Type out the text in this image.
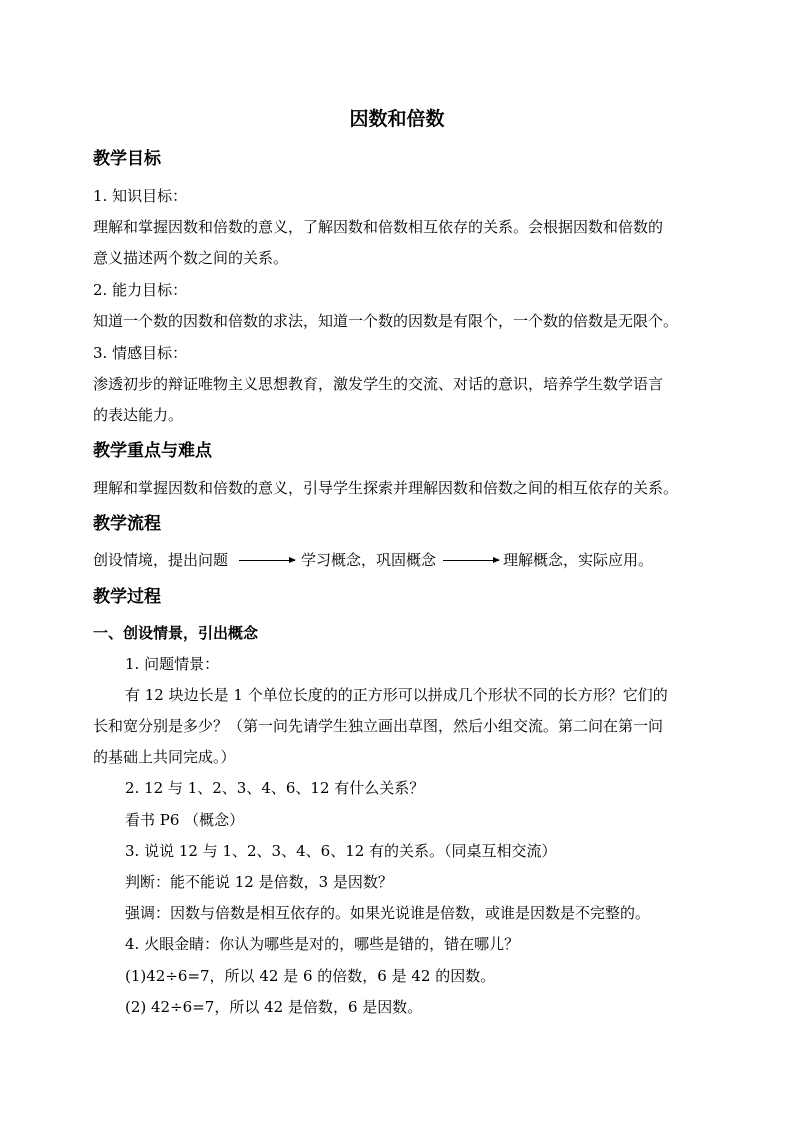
因数和倍数
教学目标
1. 知识目标：
理解和掌握因数和倍数的意义，了解因数和倍数相互依存的关系。会根据因数和倍数的
意义描述两个数之间的关系。
2. 能力目标：
知道一个数的因数和倍数的求法，知道一个数的因数是有限个，一个数的倍数是无限个。
3. 情感目标：
渗透初步的辩证唯物主义思想教育，激发学生的交流、对话的意识，培养学生数学语言
的表达能力。
教学重点与难点
理解和掌握因数和倍数的意义，引导学生探索并理解因数和倍数之间的相互依存的关系。
教学流程
创设情境，提出问题	学习概念，巩固概念	理解概念，实际应用。
教学过程
一、创设情景，引出概念
1. 问题情景：
有 12 块边长是 1 个单位长度的的正方形可以拼成几个形状不同的长方形？它们的
长和宽分别是多少？（第一问先请学生独立画出草图，然后小组交流。第二问在第一问
的基础上共同完成。）
2. 12 与 1、2、3、4、6、12 有什么关系？
看书 P6 （概念）
3. 说说 12 与 1、2、3、4、6、12 有的关系。（同桌互相交流）
判断：能不能说 12 是倍数，3 是因数？
强调：因数与倍数是相互依存的。如果光说谁是倍数，或谁是因数是不完整的。
4. 火眼金睛：你认为哪些是对的，哪些是错的，错在哪儿？
(1)42÷6=7，所以 42 是 6 的倍数，6 是 42 的因数。
(2) 42÷6=7，所以 42 是倍数，6 是因数。
